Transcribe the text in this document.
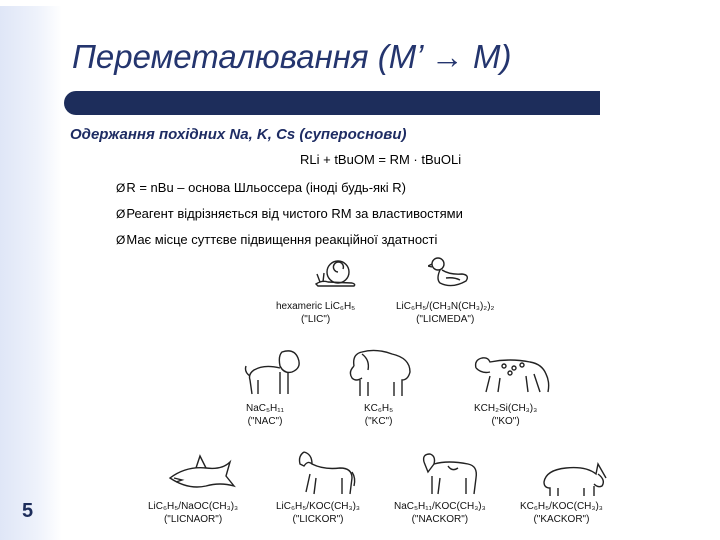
Переметалювання (M’ → M)
Одержання похідних Na, K, Cs (суперосновu)
RLi + tBuOM = RM · tBuOLi
ØR = nBu – основа Шльоссера (іноді будь-які R)
ØРеагент відрізняється від чистого RM за властивостями
ØМає місце суттєве підвищення реакційної здатності
hexameric LiC₆H₅
("LIC")
LiC₆H₅/(CH₃N(CH₃)₂)₂
("LICMEDA")
NaC₅H₁₁
("NAC")
KC₆H₅
("KC")
KCH₂Si(CH₃)₃
("KO")
LiC₆H₅/NaOC(CH₃)₃
("LICNAOR")
LiC₆H₅/KOC(CH₃)₃
("LICKOR")
NaC₅H₁₁/KOC(CH₃)₃
("NACKOR")
KC₆H₅/KOC(CH₃)₃
("KACKOR")
5
